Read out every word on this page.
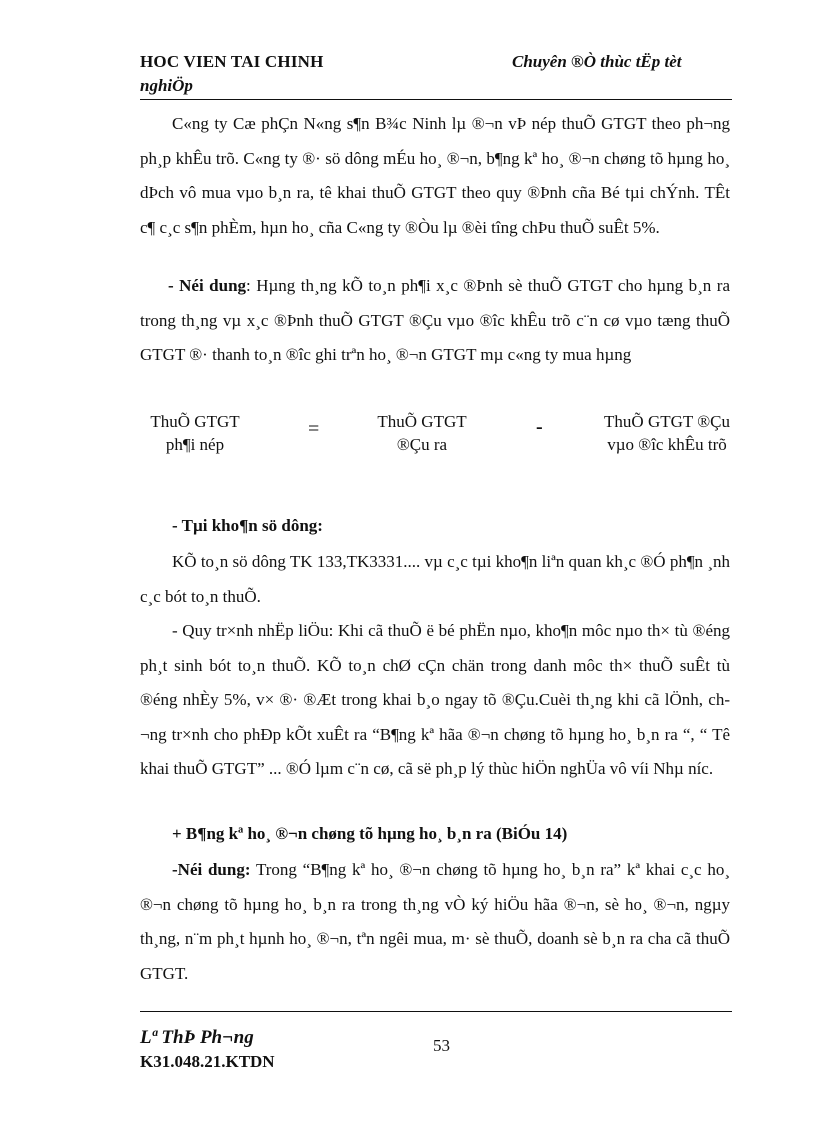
HOC VIEN TAI CHINH
nghiÖp
Chuyên ®Ò thùc tËp tèt

C«ng ty Cæ phÇn N«ng s¶n B¾c Ninh lµ ®¬n vÞ nép thuÕ GTGT theo ph¬ng ph¸p khÊu trõ. C«ng ty ®· sö dông mÉu ho¸ ®¬n, b¶ng kª ho¸ ®¬n chøng tõ hµng ho¸ dÞch vô mua vµo b¸n ra, tê khai thuÕ GTGT theo quy ®Þnh cña Bé tµi chÝnh. TÊt c¶ c¸c s¶n phÈm, hµn ho¸ cña C«ng ty ®Òu lµ ®èi tîng chÞu thuÕ suÊt 5%.

- Néi dung: Hµng th¸ng kÕ to¸n ph¶i x¸c ®Þnh sè thuÕ GTGT cho hµng b¸n ra trong th¸ng vµ x¸c ®Þnh thuÕ GTGT ®Çu vµo ®îc khÊu trõ c¨n cø vµo tæng thuÕ GTGT ®· thanh to¸n ®îc ghi trªn ho¸ ®¬n GTGT mµ c«ng ty mua hµng

ThuÕ GTGT ph¶i nép
=	ThuÕ GTGT ®Çu ra
-	ThuÕ GTGT ®Çu vµo ®îc khÊu trõ

- Tµi kho¶n sö dông:

KÕ to¸n sö dông TK 133,TK3331.... vµ c¸c tµi kho¶n liªn quan kh¸c ®Ó ph¶n ¸nh c¸c bót to¸n thuÕ.

- Quy tr×nh nhËp liÖu: Khi cã thuÕ ë bé phËn nµo, kho¶n môc nµo th× tù ®éng ph¸t sinh bót to¸n thuÕ. KÕ to¸n chØ cÇn chän trong danh môc th× thuÕ suÊt tù ®éng nhÈy 5%, v× ®· ®Æt trong khai b¸o ngay tõ ®Çu.Cuèi th¸ng khi cã lÖnh, ch¬ng tr×nh cho phÐp kÕt xuÊt ra “B¶ng kª hãa ®¬n chøng tõ hµng ho¸ b¸n ra “, “ Tê khai thuÕ GTGT” ... ®Ó lµm c¨n cø, cã së ph¸p lý thùc hiÖn nghÜa vô víi Nhµ níc.

+ B¶ng kª ho¸ ®¬n chøng tõ hµng ho¸ b¸n ra (BiÓu 14)

-Néi dung: Trong “B¶ng kª ho¸ ®¬n chøng tõ hµng ho¸ b¸n ra” kª khai c¸c ho¸ ®¬n chøng tõ hµng ho¸ b¸n ra trong th¸ng vÒ ký hiÖu hãa ®¬n, sè ho¸ ®¬n, ngµy th¸ng, n¨m ph¸t hµnh ho¸ ®¬n, tªn ngêi mua, m· sè thuÕ, doanh sè b¸n ra cha cã thuÕ GTGT.

Lª ThÞ Ph¬ng
K31.048.21.KTDN
53
